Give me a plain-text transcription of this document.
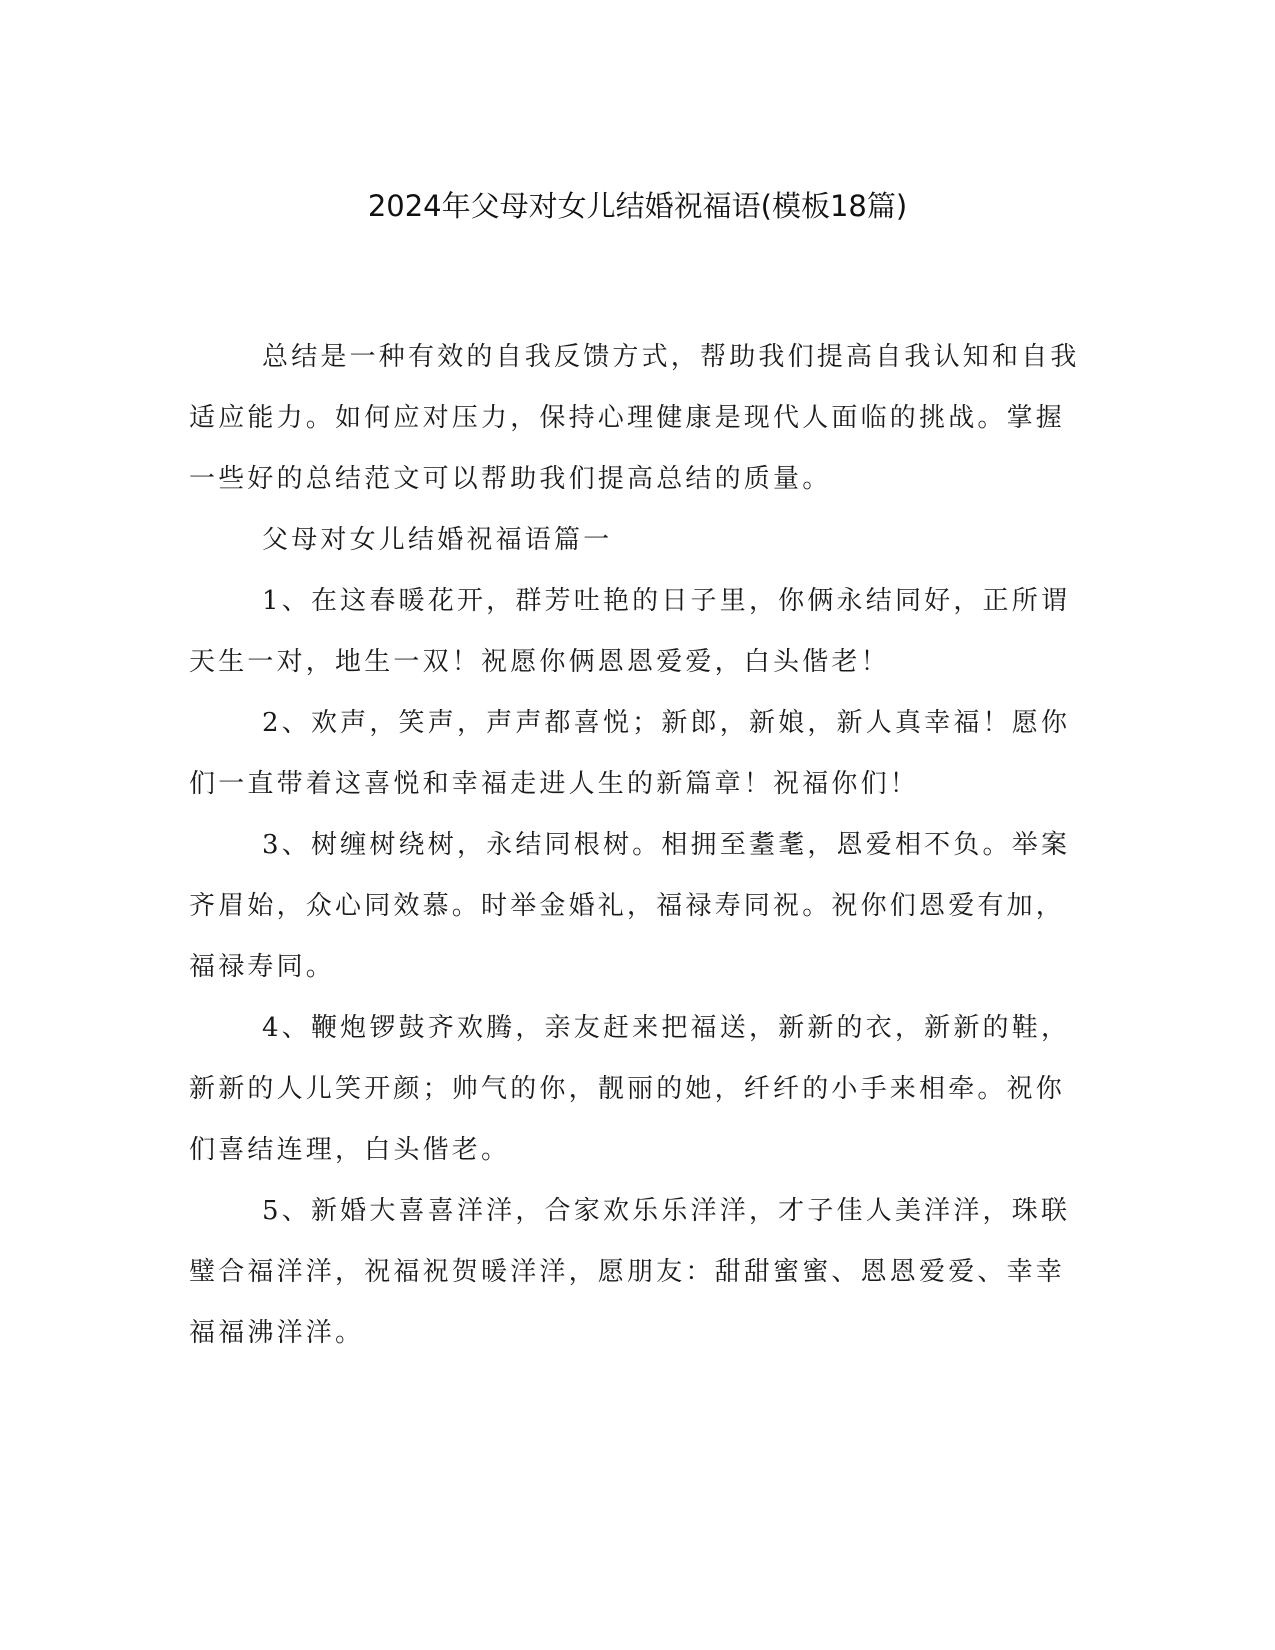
2024年父母对女儿结婚祝福语(模板18篇)

总结是一种有效的自我反馈方式，帮助我们提高自我认知和自我适应能力。如何应对压力，保持心理健康是现代人面临的挑战。掌握一些好的总结范文可以帮助我们提高总结的质量。

父母对女儿结婚祝福语篇一

1、在这春暖花开，群芳吐艳的日子里，你俩永结同好，正所谓天生一对，地生一双！祝愿你俩恩恩爱爱，白头偕老！

2、欢声，笑声，声声都喜悦；新郎，新娘，新人真幸福！愿你们一直带着这喜悦和幸福走进人生的新篇章！祝福你们！

3、树缠树绕树，永结同根树。相拥至耋耄，恩爱相不负。举案齐眉始，众心同效慕。时举金婚礼，福禄寿同祝。祝你们恩爱有加，福禄寿同。

4、鞭炮锣鼓齐欢腾，亲友赶来把福送，新新的衣，新新的鞋，新新的人儿笑开颜；帅气的你，靓丽的她，纤纤的小手来相牵。祝你们喜结连理，白头偕老。

5、新婚大喜喜洋洋，合家欢乐乐洋洋，才子佳人美洋洋，珠联璧合福洋洋，祝福祝贺暖洋洋，愿朋友：甜甜蜜蜜、恩恩爱爱、幸幸福福沸洋洋。
